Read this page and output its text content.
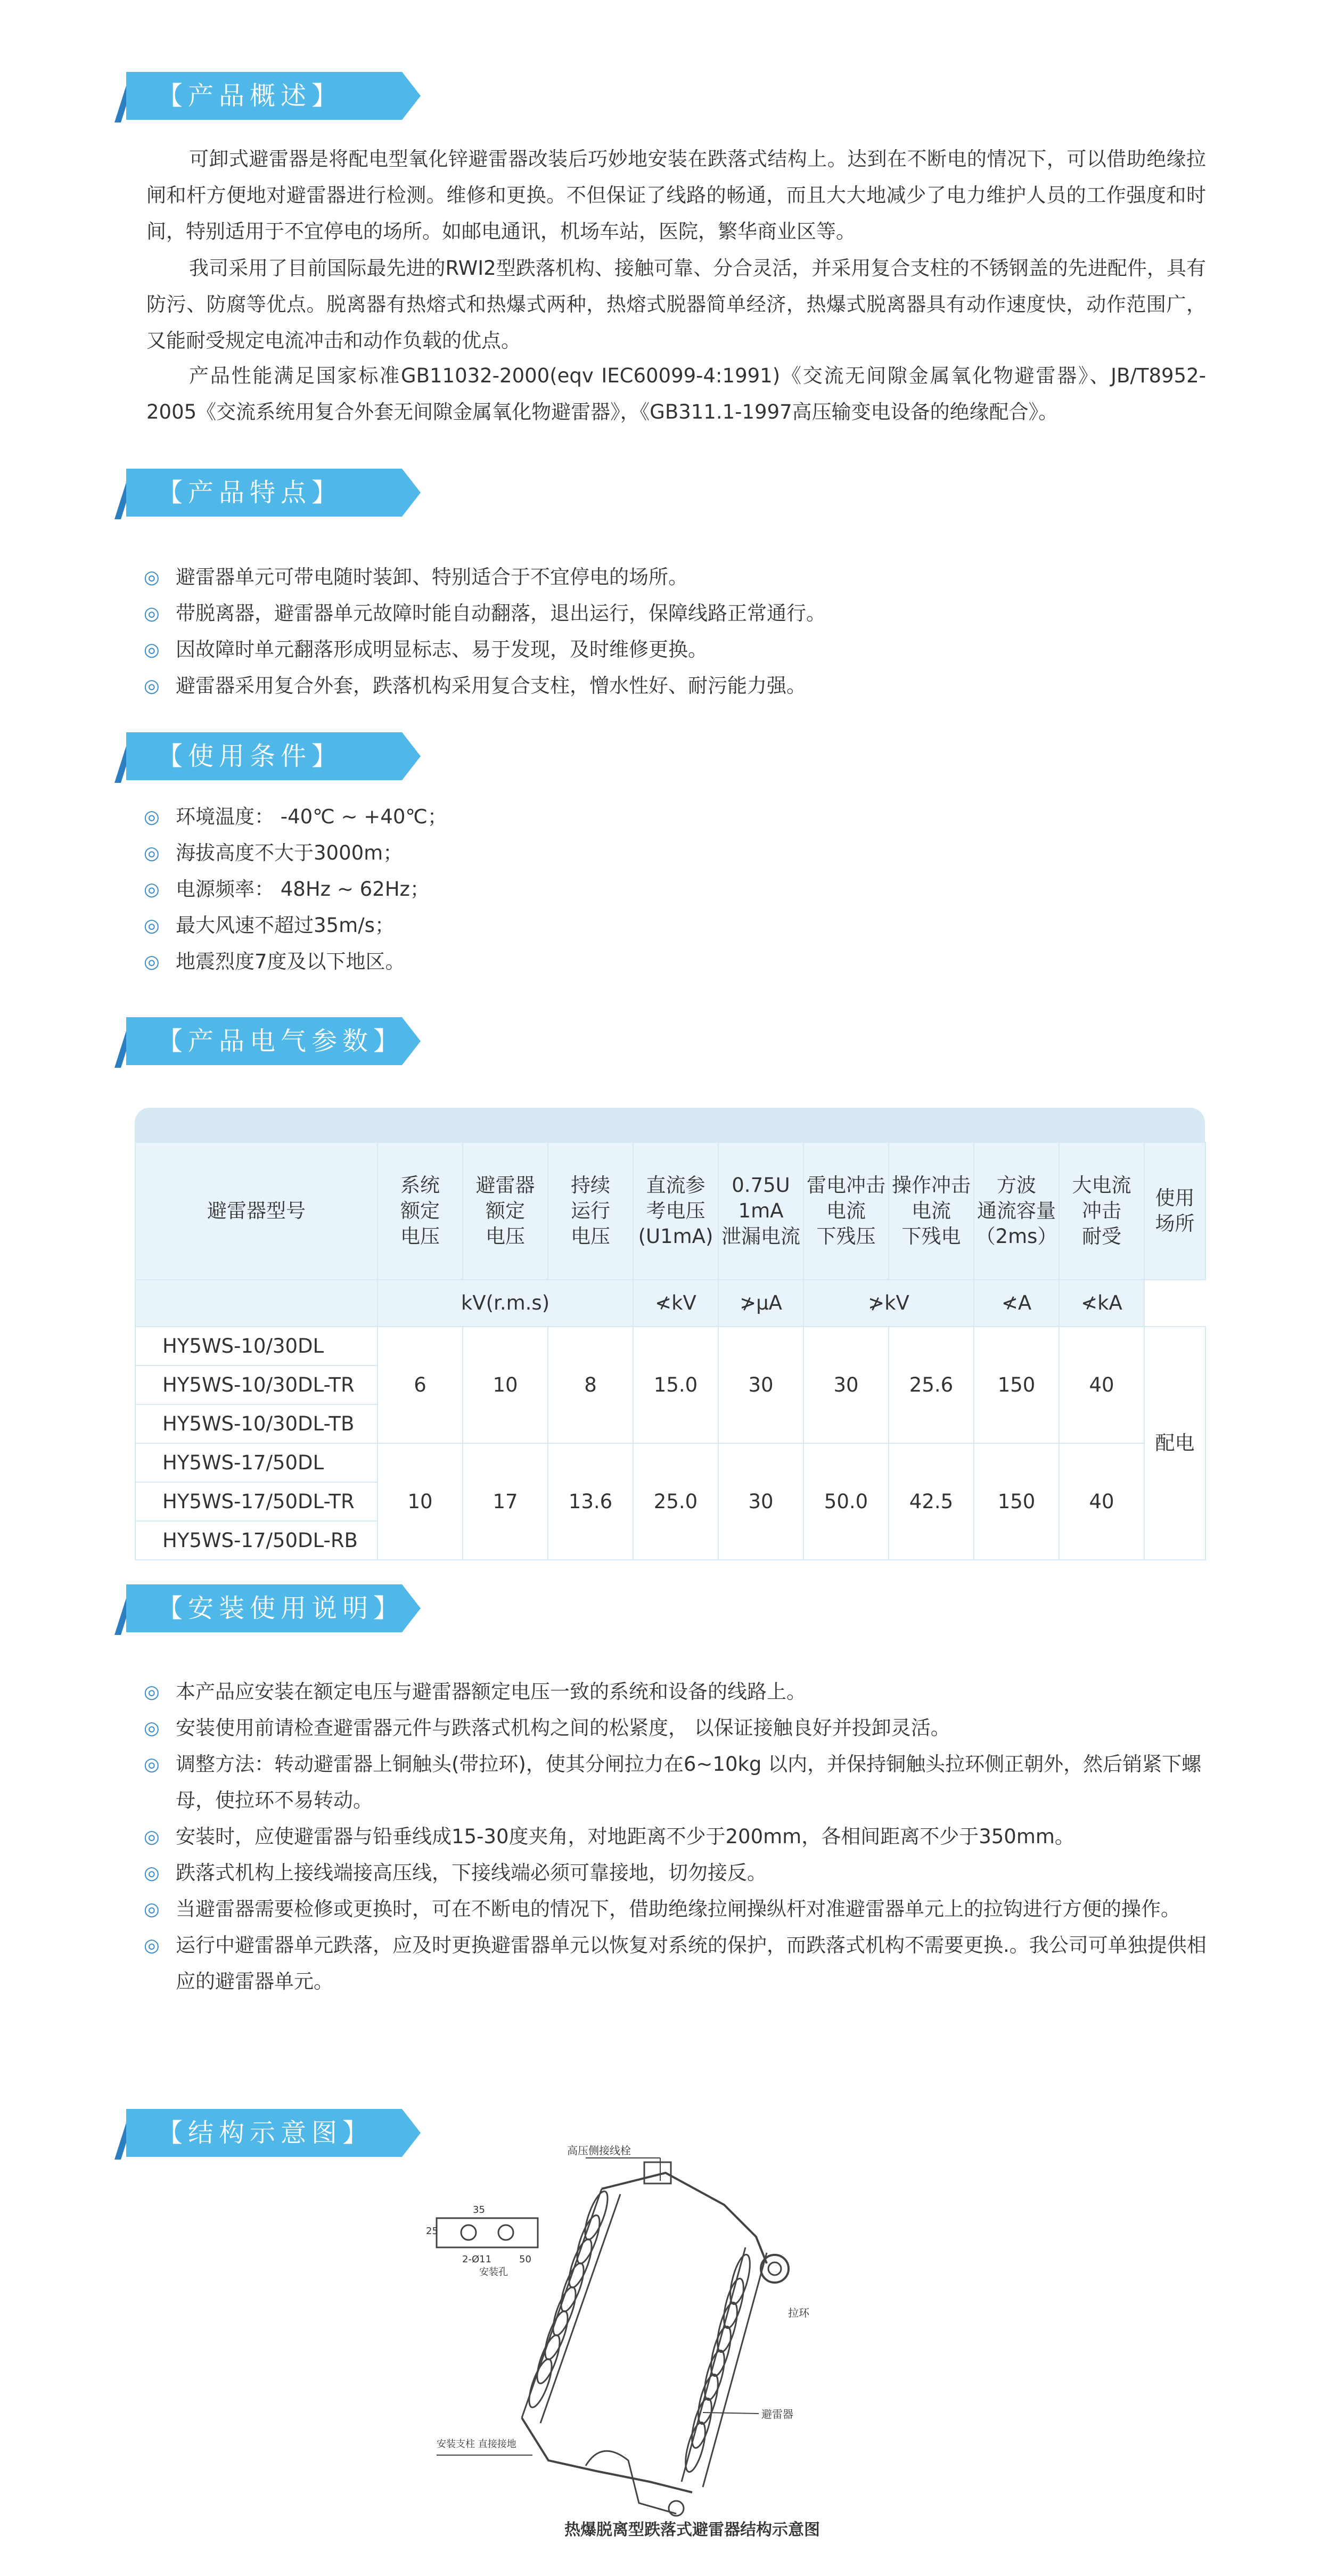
【产品概述】

可卸式避雷器是将配电型氧化锌避雷器改装后巧妙地安装在跌落式结构上。达到在不断电的情况下，可以借助绝缘拉闸和杆方便地对避雷器进行检测。维修和更换。不但保证了线路的畅通，而且大大地减少了电力维护人员的工作强度和时间，特别适用于不宜停电的场所。如邮电通讯，机场车站，医院，繁华商业区等。

我司采用了目前国际最先进的RWI2型跌落机构、接触可靠、分合灵活，并采用复合支柱的不锈钢盖的先进配件，具有防污、防腐等优点。脱离器有热熔式和热爆式两种，热熔式脱器简单经济，热爆式脱离器具有动作速度快，动作范围广，又能耐受规定电流冲击和动作负载的优点。

产品性能满足国家标准GB11032-2000(eqv IEC60099-4:1991)《交流无间隙金属氧化物避雷器》、JB/T8952-2005《交流系统用复合外套无间隙金属氧化物避雷器》，《GB311.1-1997高压输变电设备的绝缘配合》。

【产品特点】
◎ 避雷器单元可带电随时装卸、特别适合于不宜停电的场所。
◎ 带脱离器，避雷器单元故障时能自动翻落，退出运行，保障线路正常通行。
◎ 因故障时单元翻落形成明显标志、易于发现，及时维修更换。
◎ 避雷器采用复合外套，跌落机构采用复合支柱，憎水性好、耐污能力强。
【使用条件】
◎ 环境温度： -40℃ ~ +40℃；
◎ 海拔高度不大于3000m；
◎ 电源频率： 48Hz ~ 62Hz；
◎ 最大风速不超过35m/s；
◎ 地震烈度7度及以下地区。
【产品电气参数】
避雷器型号	系统
额定
电压	避雷器
额定
电压	持续
运行
电压	直流参
考电压
(U1mA)	0.75U
1mA
泄漏电流	雷电冲击
电流
下残压	操作冲击
电流
下残电	方波
通流容量
（2ms）	大电流
冲击
耐受	使用
场所

	kV(r.m.s)			≮kV	≯μA	≯kV		≮A	≮kA	
HY5WS-10/30DL	6	10	8	15.0	30	30	25.6	150	40	配电
HY5WS-10/30DL-TR										
HY5WS-10/30DL-TB										
HY5WS-17/50DL	10	17	13.6	25.0	30	50.0	42.5	150	40	
HY5WS-17/50DL-TR										
HY5WS-17/50DL-RB										
【安装使用说明】
◎ 本产品应安装在额定电压与避雷器额定电压一致的系统和设备的线路上。
◎ 安装使用前请检查避雷器元件与跌落式机构之间的松紧度， 以保证接触良好并投卸灵活。
◎ 调整方法：转动避雷器上铜触头(带拉环)，使其分闸拉力在6~10kg 以内，并保持铜触头拉环侧正朝外，然后销紧下螺母，使拉环不易转动。
◎ 安装时，应使避雷器与铅垂线成15-30度夹角，对地距离不少于200mm，各相间距离不少于350mm。
◎ 跌落式机构上接线端接高压线，下接线端必须可靠接地，切勿接反。
◎ 当避雷器需要检修或更换时，可在不断电的情况下，借助绝缘拉闸操纵杆对准避雷器单元上的拉钩进行方便的操作。
◎ 运行中避雷器单元跌落，应及时更换避雷器单元以恢复对系统的保护，而跌落式机构不需要更换.。我公司可单独提供相应的避雷器单元。
【结构示意图】
高压侧接线栓
35
25
2-Ø11	50
安装孔
拉环
避雷器
安装支柱 直接接地
热爆脱离型跌落式避雷器结构示意图
